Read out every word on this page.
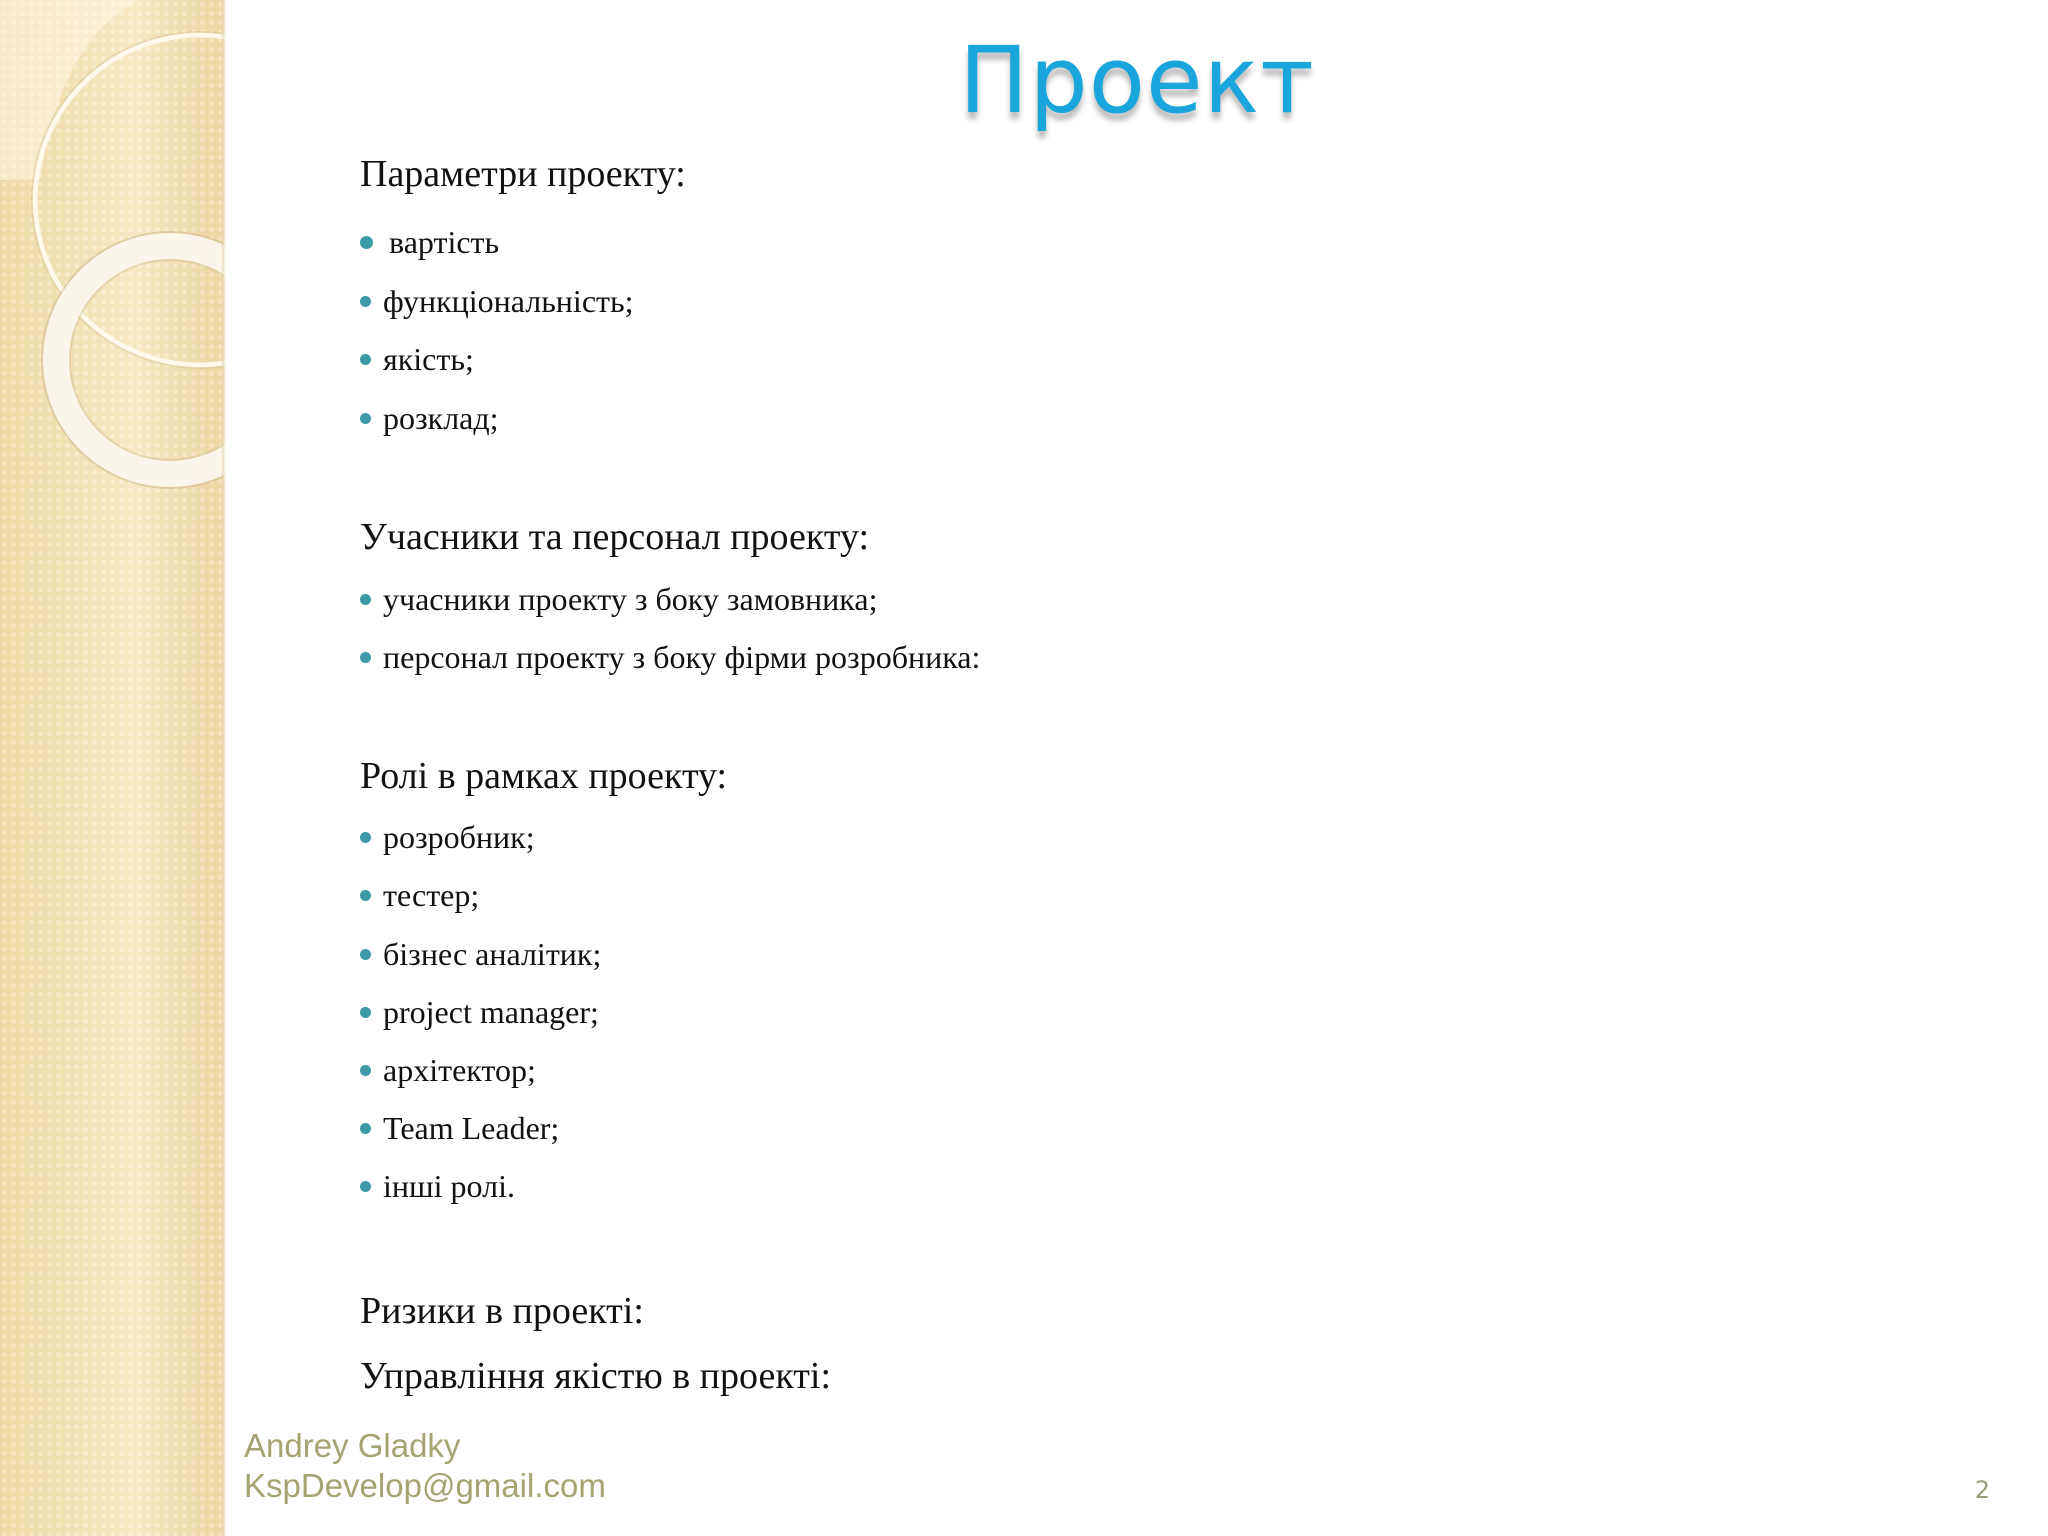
Проект
Параметри проекту:
вартість
функціональність;
якість;
розклад;
Учасники та персонал проекту:
учасники проекту з боку замовника;
персонал проекту з боку фірми розробника:
Ролі в рамках проекту:
розробник;
тестер;
бізнес аналітик;
project manager;
архітектор;
Team Leader;
інші ролі.
Ризики в проекті:
Управління якістю в проекті:
Andrey Gladky
KspDevelop@gmail.com	2
